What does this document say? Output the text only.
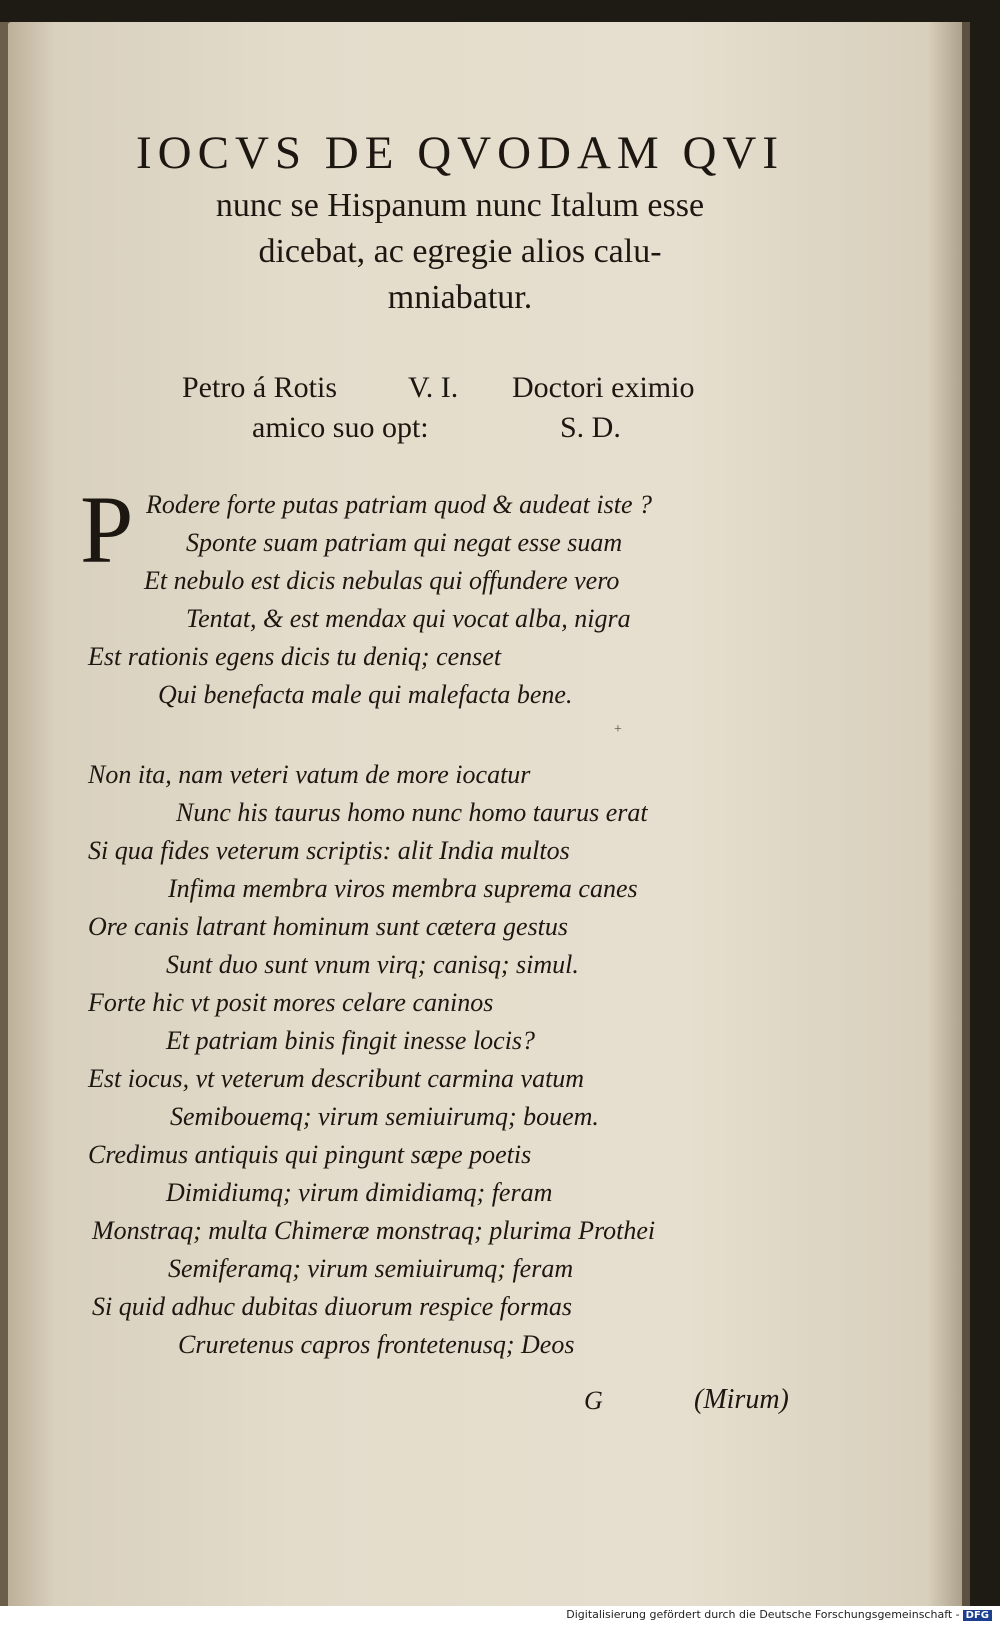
IOCVS DE QVODAM QVI
nunc se Hispanum nunc Italum esse
dicebat, ac egregie alios calu-
mniabatur.
Petro á Rotis V. I. Doctori eximio
amico suo opt:	S. D.
P Rodere forte putas patriam quod & audeat iste ?
Sponte suam patriam qui negat esse suam
Et nebulo est dicis nebulas qui offundere vero
Tentat, & est mendax qui vocat alba, nigra
Est rationis egens dicis tu deniq; censet
Qui benefacta male qui malefacta bene.
+
Non ita, nam veteri vatum de more iocatur
Nunc his taurus homo nunc homo taurus erat
Si qua fides veterum scriptis: alit India multos
Infima membra viros membra suprema canes
Ore canis latrant hominum sunt cætera gestus
Sunt duo sunt vnum virq; canisq; simul.
Forte hic vt posit mores celare caninos
Et patriam binis fingit inesse locis?
Est iocus, vt veterum describunt carmina vatum
Semibouemq; virum semiuirumq; bouem.
Credimus antiquis qui pingunt sæpe poetis
Dimidiumq; virum dimidiamq; feram
Monstraq; multa Chimeræ monstraq; plurima Prothei
Semiferamq; virum semiuirumq; feram
Si quid adhuc dubitas diuorum respice formas
Cruretenus capros frontetenusq; Deos
G	(Mirum)
Digitalisierung gefördert durch die Deutsche Forschungsgemeinschaft - DFG
